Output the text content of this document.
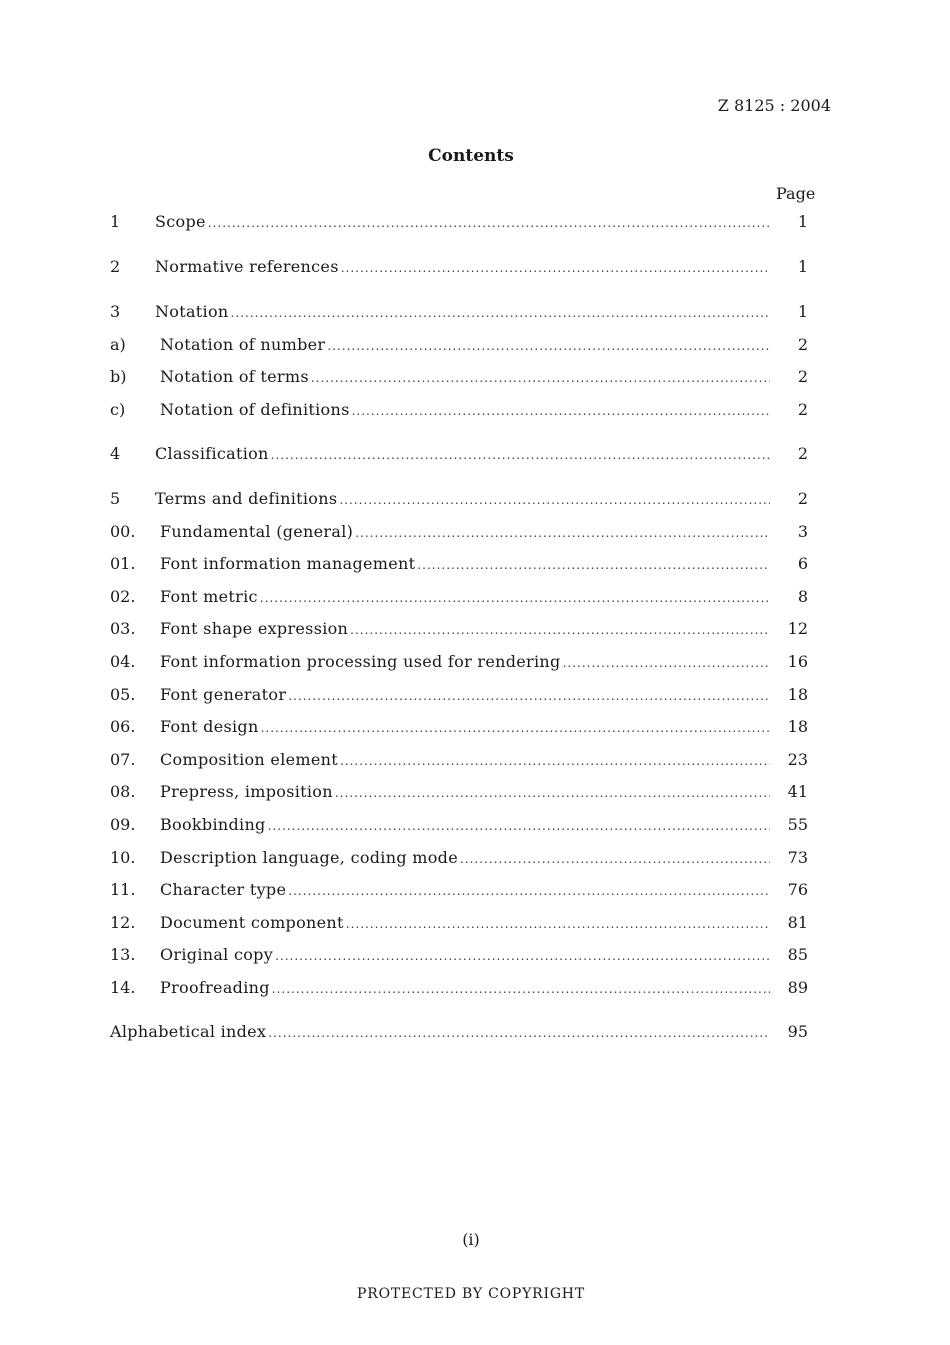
Z 8125 : 2004
Contents
Page
1	Scope .....	1
2	Normative references .....	1
3	Notation .....	1
a)	Notation of number .....	2
b)	Notation of terms .....	2
c)	Notation of definitions .....	2
4	Classification .....	2
5	Terms and definitions .....	2
00.	Fundamental (general) .....	3
01.	Font information management .....	6
02.	Font metric .....	8
03.	Font shape expression .....	12
04.	Font information processing used for rendering .....	16
05.	Font generator .....	18
06.	Font design .....	18
07.	Composition element .....	23
08.	Prepress, imposition .....	41
09.	Bookbinding .....	55
10.	Description language, coding mode .....	73
11.	Character type .....	76
12.	Document component .....	81
13.	Original copy .....	85
14.	Proofreading .....	89
Alphabetical index .....	95
(i)
PROTECTED BY COPYRIGHT
